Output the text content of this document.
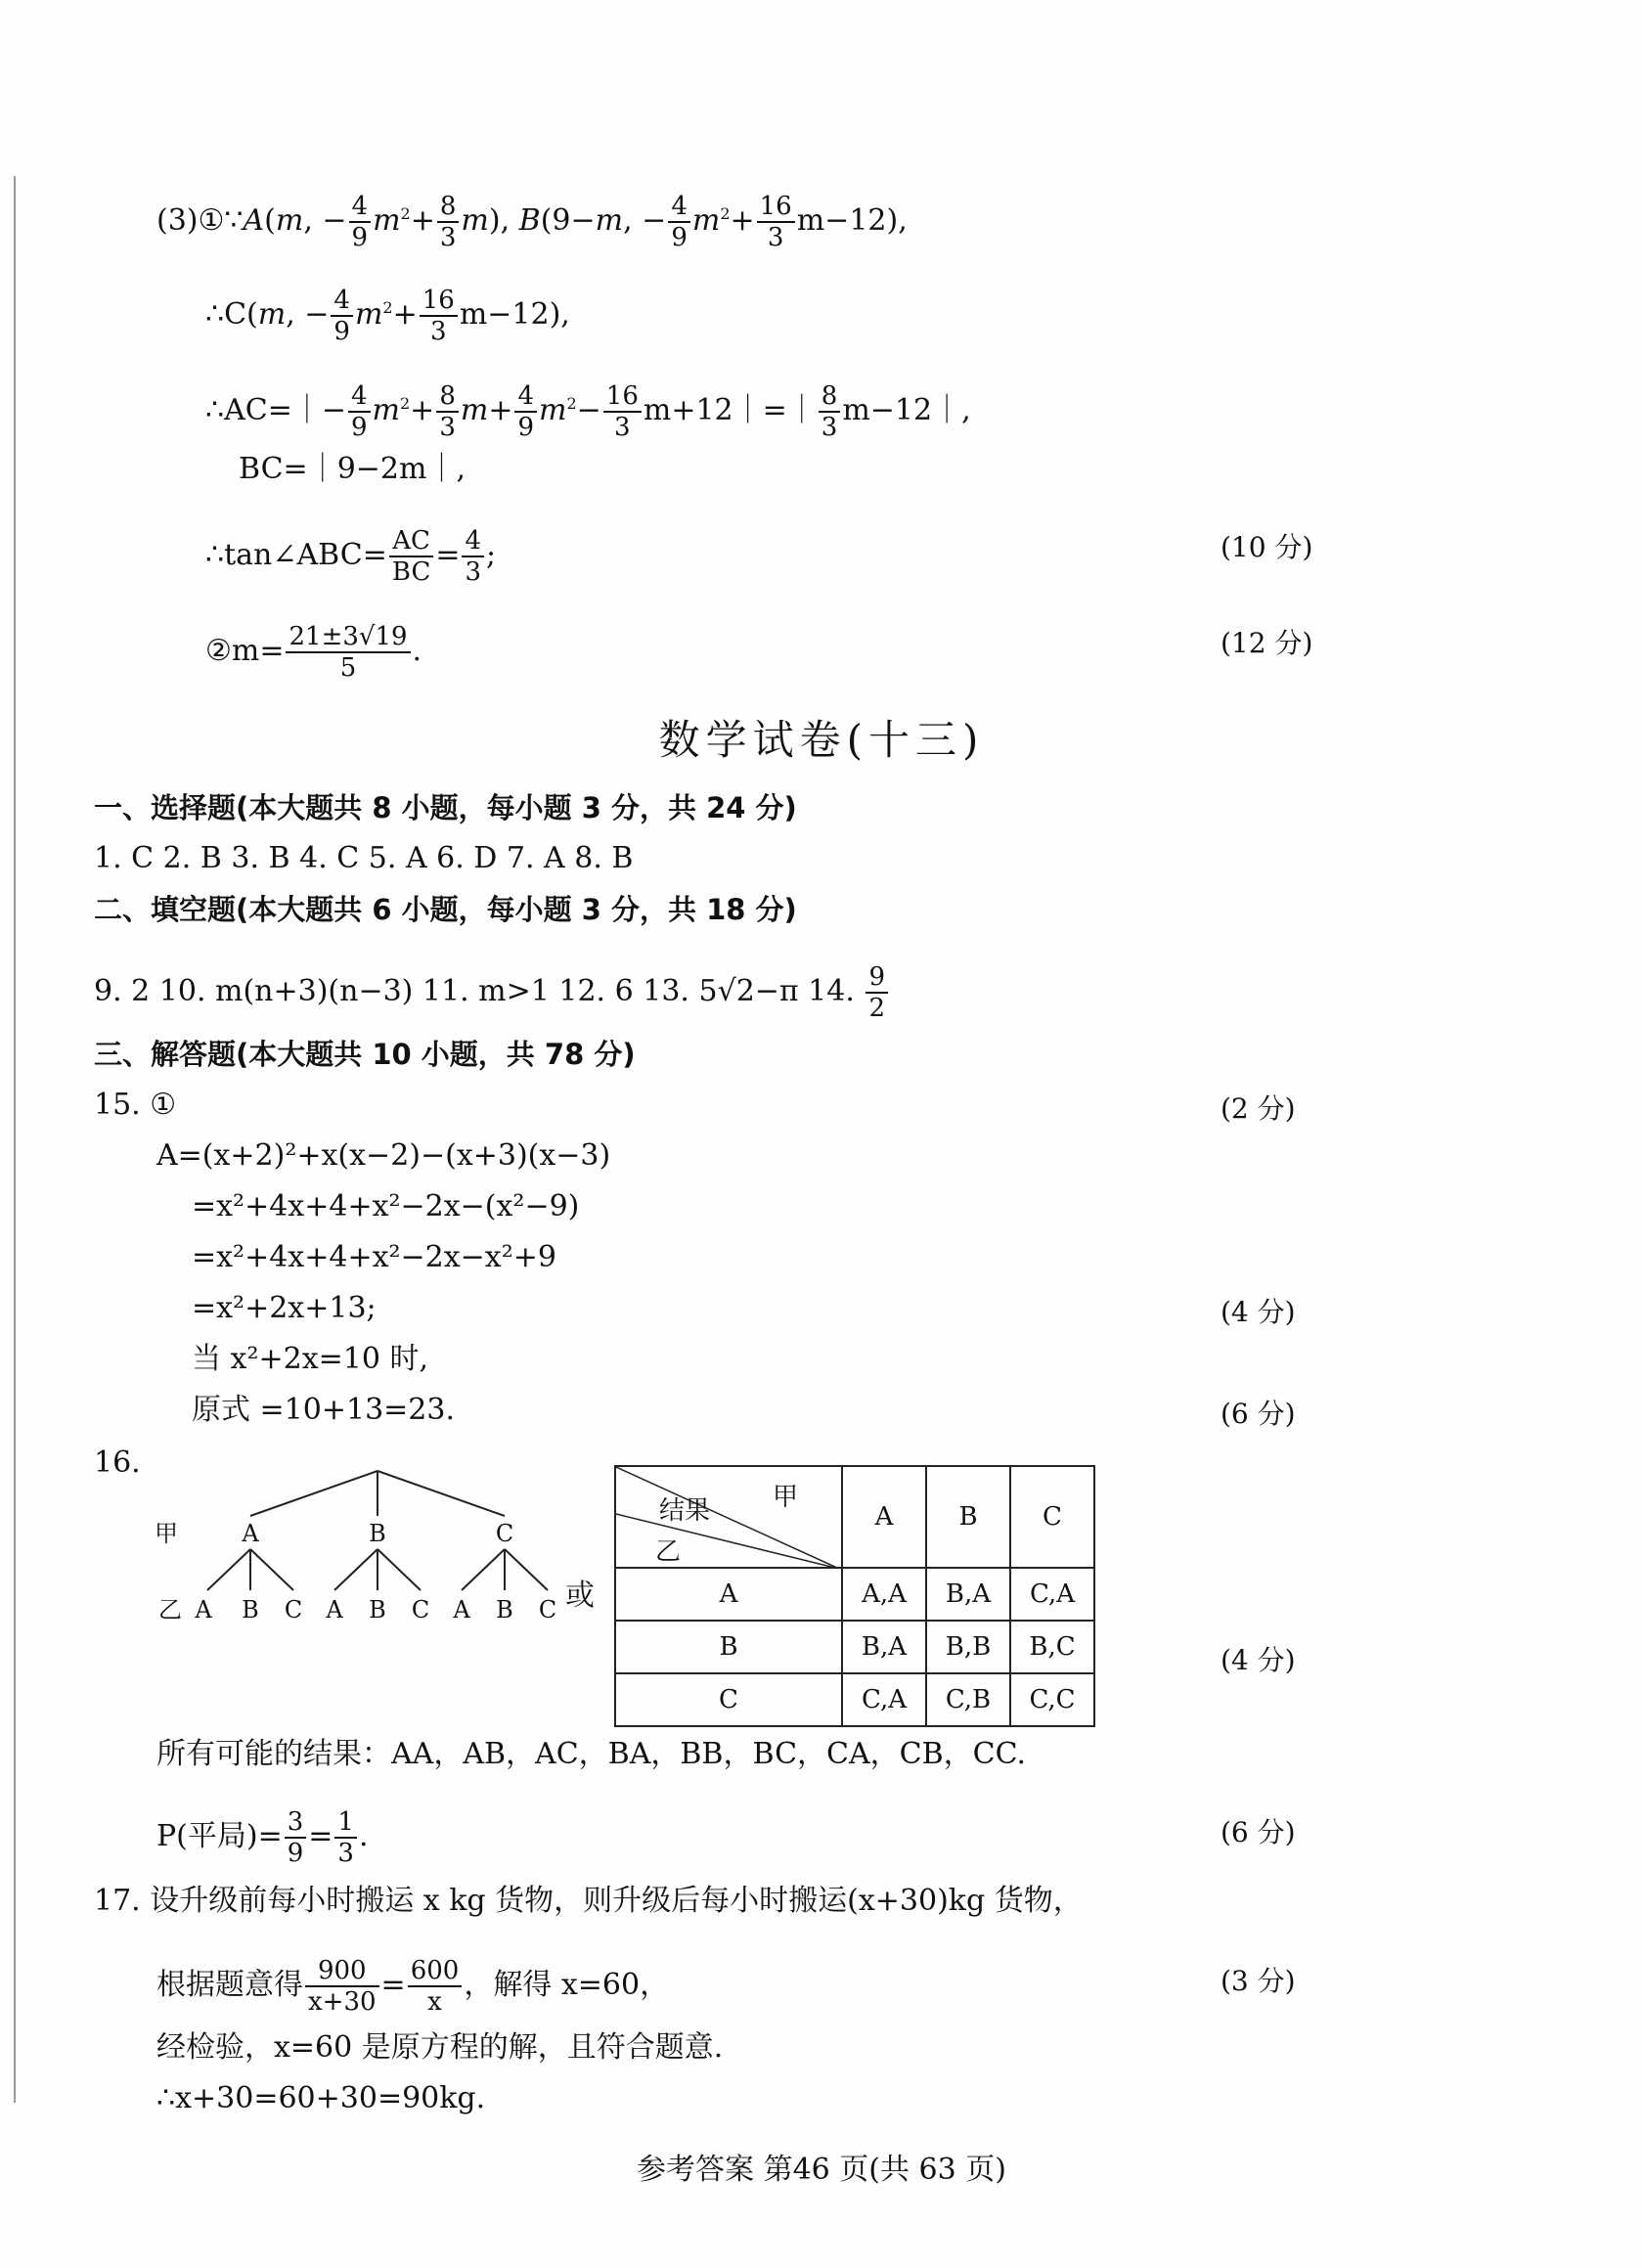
(3)①∵A(m, − $\frac{4}{9} m^2+ \frac{8}{3} m$), B(9−m, − $\frac{4}{9} m^2+ \frac{16}{3} m-12$),
∴C(m, − $\frac{4}{9} m^2+ \frac{16}{3} m-12$),
∴AC=｜− $\frac{4}{9} m^2+ \frac{8}{3} m+ \frac{4}{9} m^2- \frac{16}{3}$ m+12｜=｜ $\frac{8}{3}$ m−12｜,
BC=｜9−2m｜,
∴tan∠ABC= $\frac{AC}{BC} = \frac{4}{3}$ ;	(10 分)
②m= $\frac{21\pm 3√19}{5}$ .	(12 分)
数学试卷(十三)
一、选择题(本大题共 8 小题，每小题 3 分，共 24 分)
1. C 2. B 3. B 4. C 5. A 6. D 7. A 8. B
二、填空题(本大题共 6 小题，每小题 3 分，共 18 分)
9. 2 10. m(n+3)(n−3) 11. m>1 12. 6 13. 5√2−π 14. $\frac{9}{2}$
三、解答题(本大题共 10 小题，共 78 分)
15. ①	(2 分)
A=(x+2)²+x(x−2)−(x+3)(x−3)
=x²+4x+4+x²−2x−(x²−9)
=x²+4x+4+x²−2x−x²+9
=x²+2x+13;	(4 分)
当 x²+2x=10 时,
原式 =10+13=23.	(6 分)
16.
甲	A	B	C
乙 A B C A B C A B C 或
甲
结果
乙	A	B	C
A	A,A	B,A	C,A
B	B,A	B,B	B,C
C	C,A	C,B	C,C
(4 分)
所有可能的结果：AA，AB，AC，BA，BB，BC，CA，CB，CC.
P(平局)= $\frac{3}{9} = \frac{1}{3}$ .	(6 分)
17. 设升级前每小时搬运 x kg 货物，则升级后每小时搬运(x+30)kg 货物，
根据题意得 $\frac{900}{x+30} = \frac{600}{x}$ ，解得 x=60，	(3 分)
经检验，x=60 是原方程的解，且符合题意.
∴x+30=60+30=90kg.
参考答案 第46 页(共 63 页)
